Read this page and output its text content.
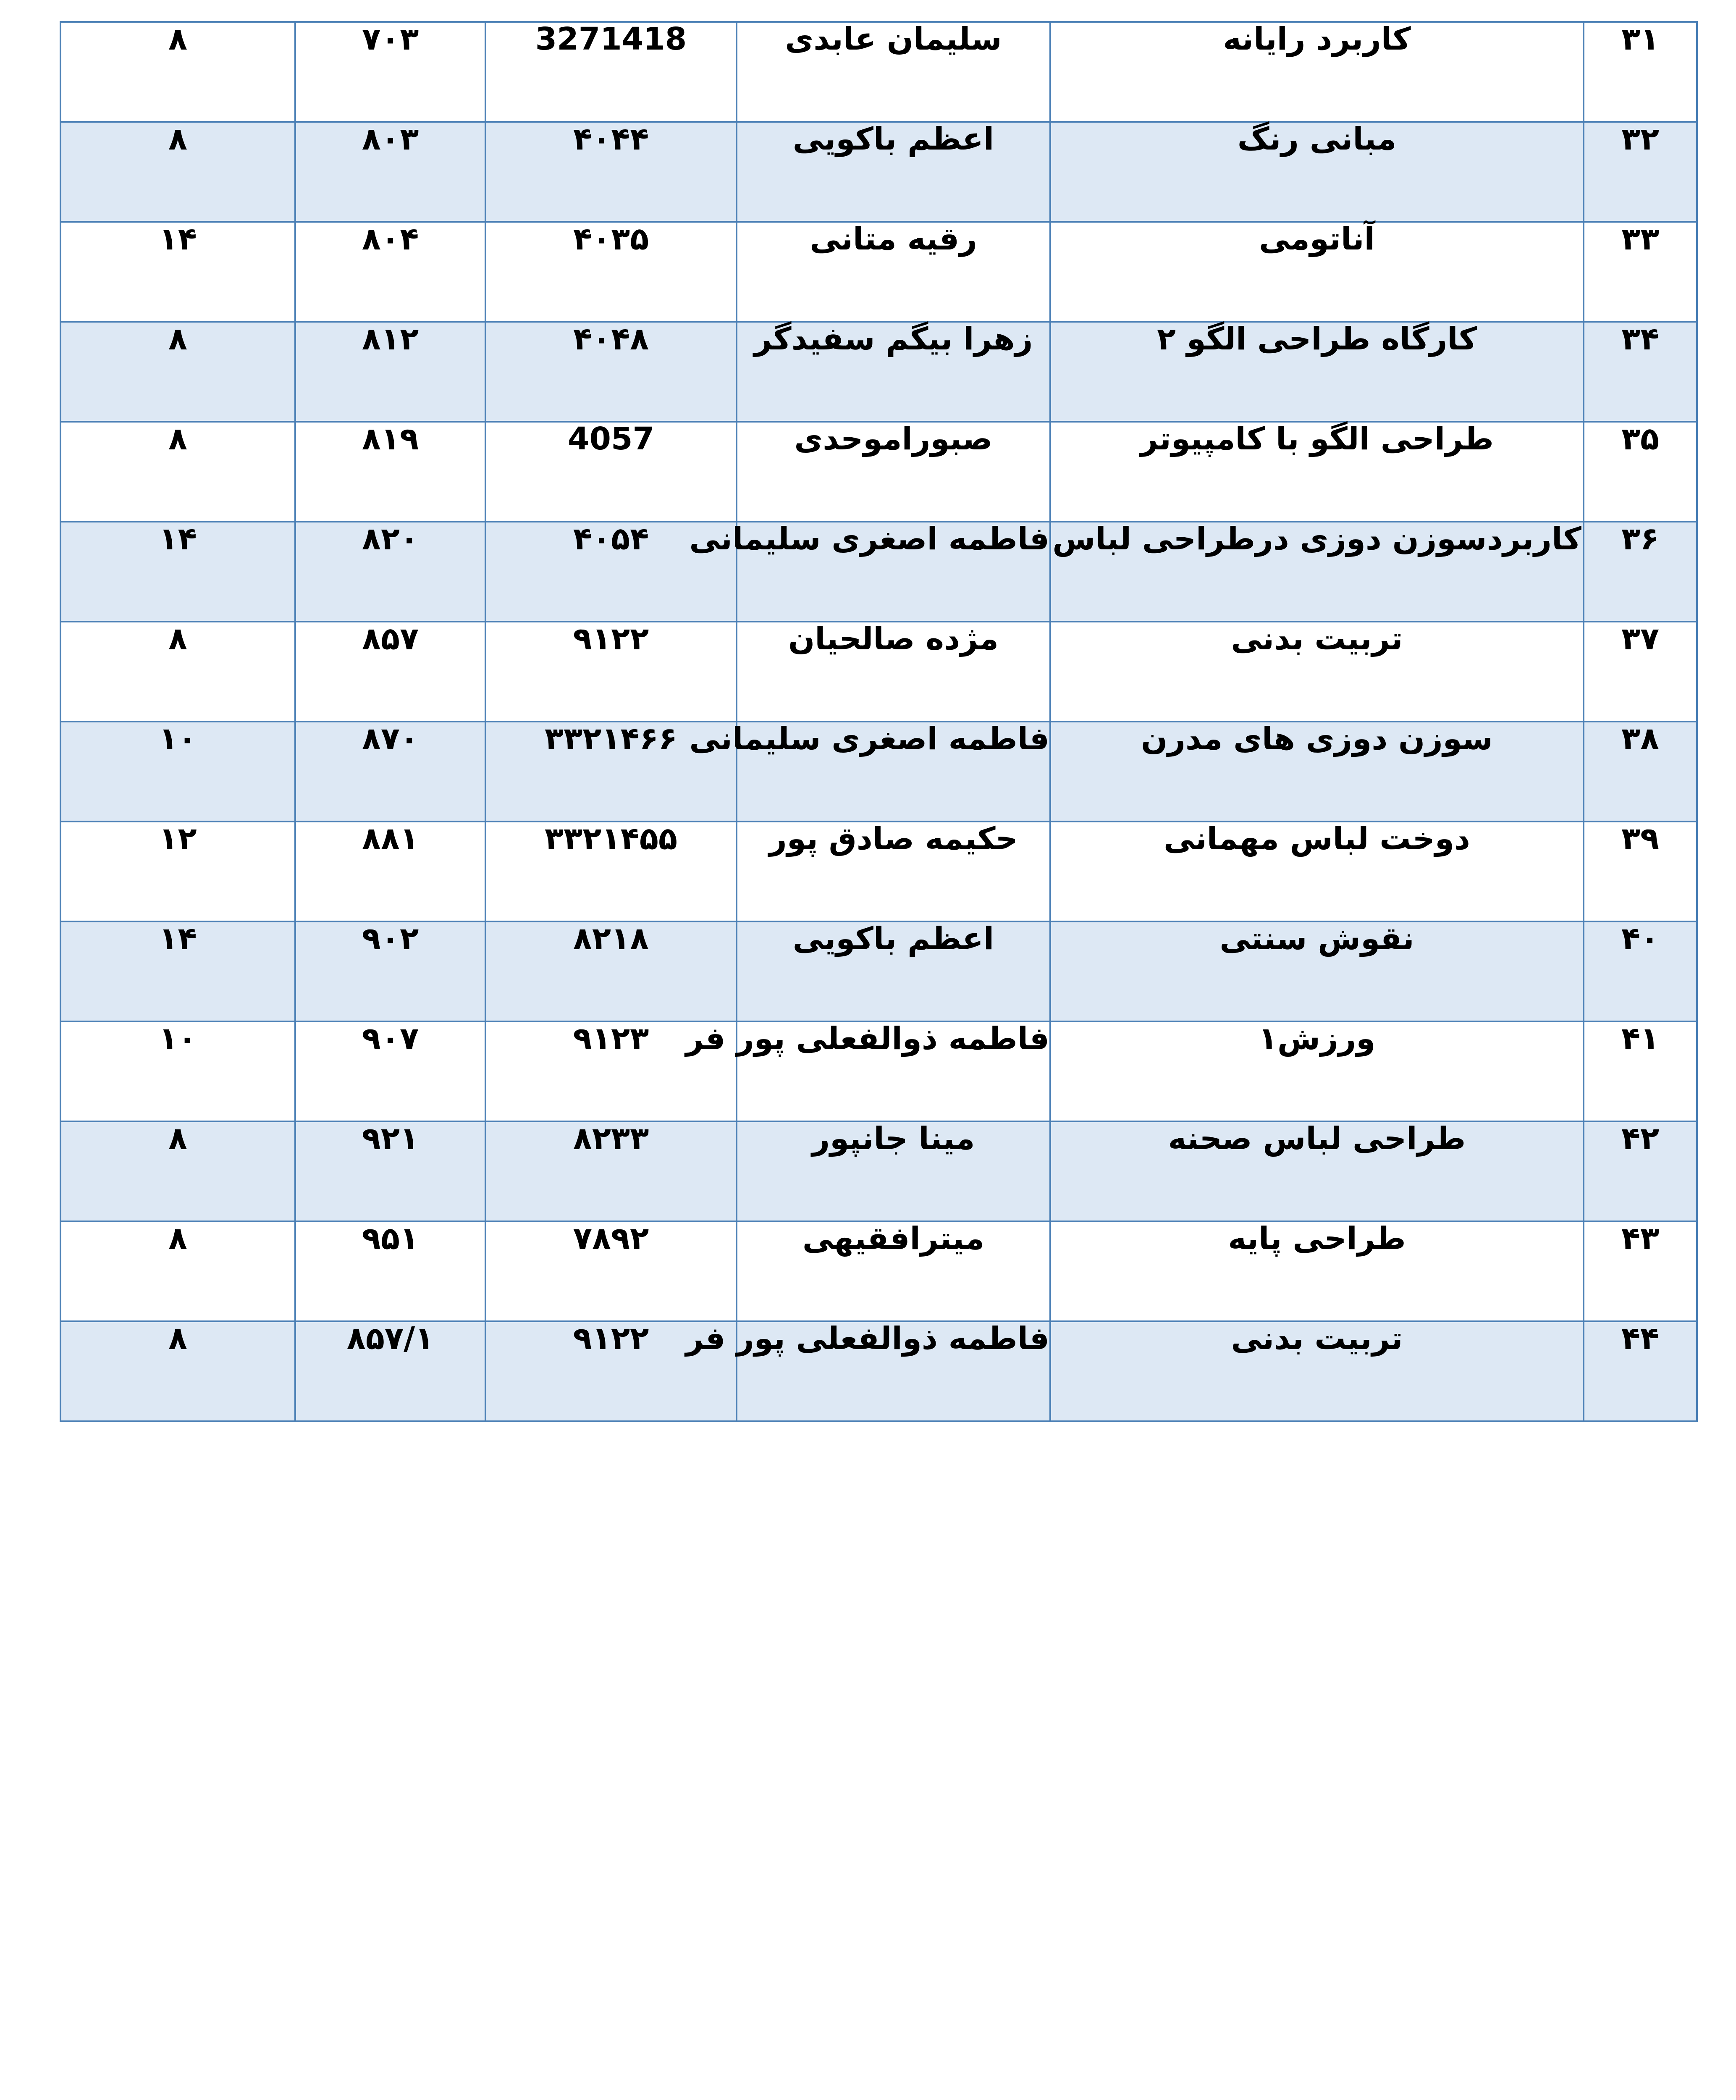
۳۱	کاربرد رایانه	سلیمان عابدی	3271418	۷۰۳	۸
۳۲	مبانی رنگ	اعظم باکویی	۴۰۴۴	۸۰۳	۸
۳۳	آناتومی	رقیه متانی	۴۰۳۵	۸۰۴	۱۴
۳۴	کارگاه طراحی الگو ۲	زهرا بیگم سفیدگر	۴۰۴۸	۸۱۲	۸
۳۵	طراحی الگو با کامپیوتر	صبوراموحدی	4057	۸۱۹	۸
۳۶	کاربردسوزن دوزی درطراحی لباس	فاطمه اصغری سلیمانی	۴۰۵۴	۸۲۰	۱۴
۳۷	تربیت بدنی	مژده صالحیان	۹۱۲۲	۸۵۷	۸
۳۸	سوزن دوزی های مدرن	فاطمه اصغری سلیمانی	۳۳۲۱۴۶۶	۸۷۰	۱۰
۳۹	دوخت لباس مهمانی	حکیمه صادق پور	۳۳۲۱۴۵۵	۸۸۱	۱۲
۴۰	نقوش سنتی	اعظم باکویی	۸۲۱۸	۹۰۲	۱۴
۴۱	ورزش۱	فاطمه ذوالفعلی پور فر	۹۱۲۳	۹۰۷	۱۰
۴۲	طراحی لباس صحنه	مینا جانپور	۸۲۳۳	۹۲۱	۸
۴۳	طراحی پایه	میترافقیهی	۷۸۹۲	۹۵۱	۸
۴۴	تربیت بدنی	فاطمه ذوالفعلی پور فر	۹۱۲۲	۸۵۷/۱	۸
